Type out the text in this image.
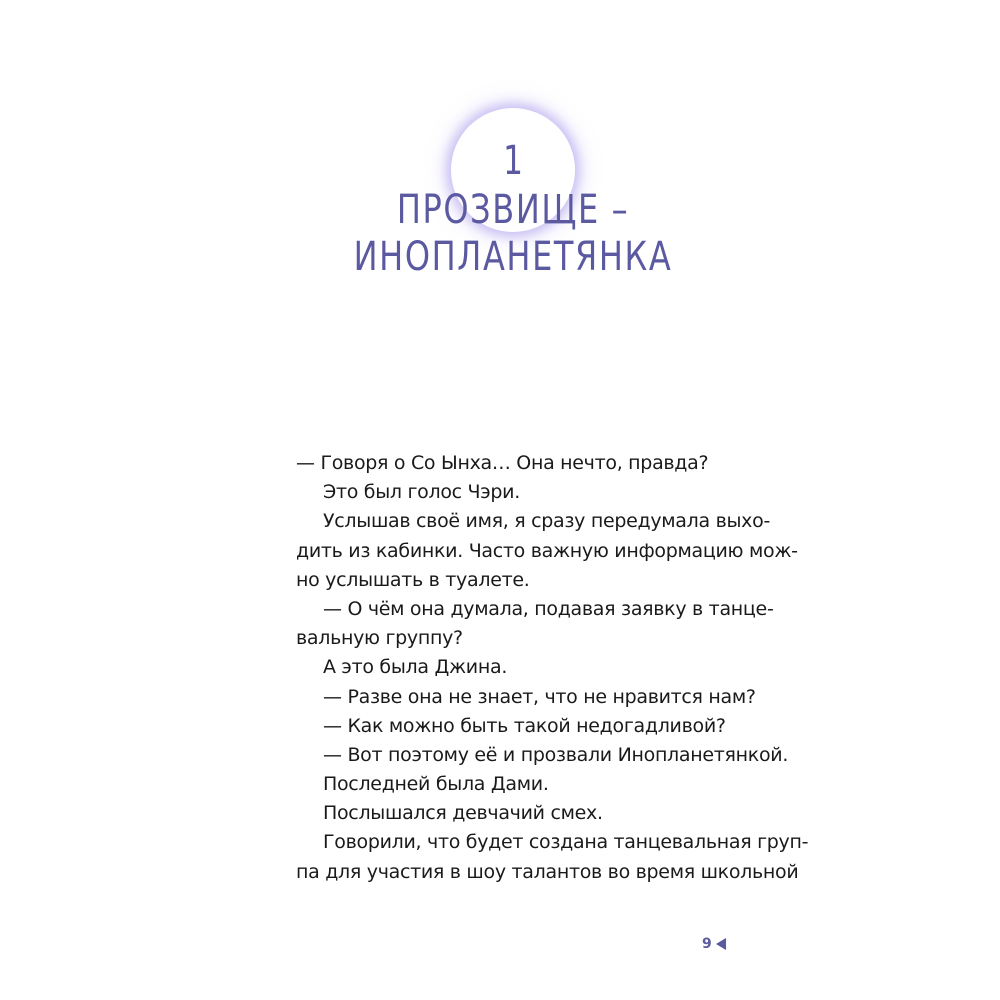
1
ПРОЗВИЩЕ –
ИНОПЛАНЕТЯНКА
— Говоря о Со Ынха… Она нечто, правда?
Это был голос Чэри.
Услышав своё имя, я сразу передумала выхо-
дить из кабинки. Часто важную информацию мож-
но услышать в туалете.
— О чём она думала, подавая заявку в танце-
вальную группу?
А это была Джина.
— Разве она не знает, что не нравится нам?
— Как можно быть такой недогадливой?
— Вот поэтому её и прозвали Инопланетянкой.
Последней была Дами.
Послышался девчачий смех.
Говорили, что будет создана танцевальная груп-
па для участия в шоу талантов во время школьной
9
